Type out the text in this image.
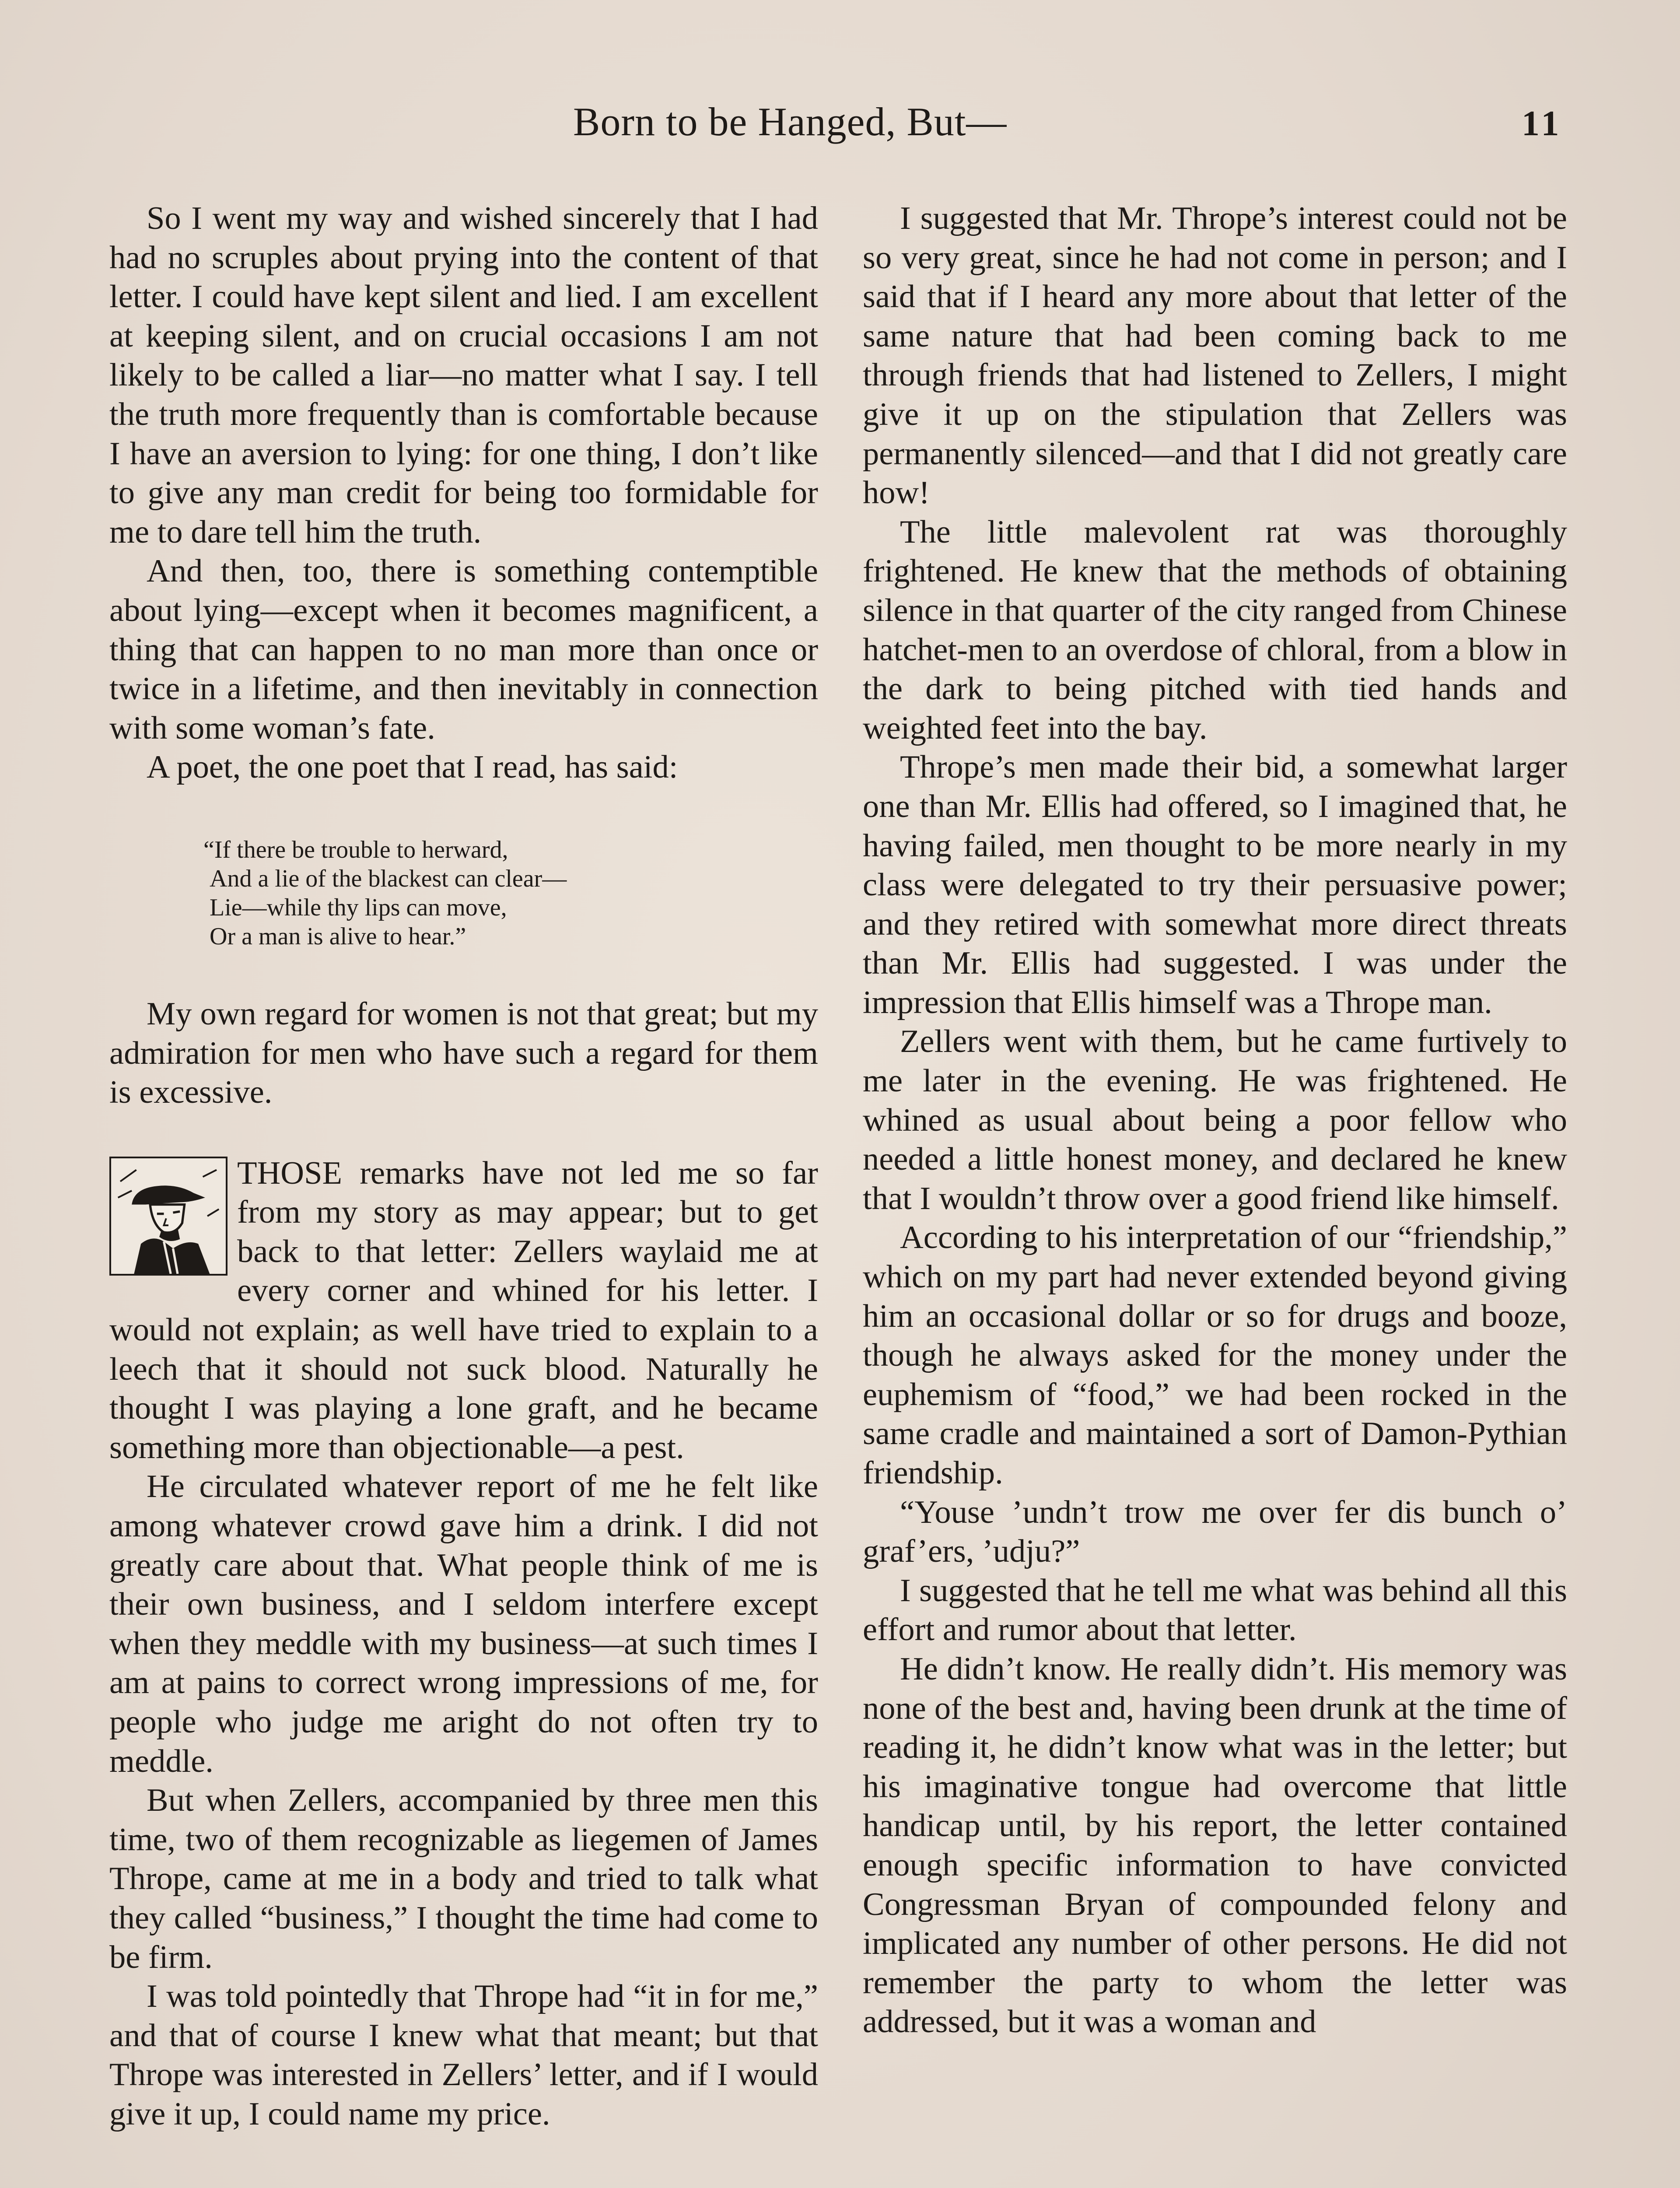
Born to be Hanged, But—	11

So I went my way and wished sincerely that I had had no scruples about prying into the content of that letter. I could have kept silent and lied. I am excellent at keeping silent, and on crucial occasions I am not likely to be called a liar—no matter what I say. I tell the truth more frequently than is comfortable because I have an aversion to lying: for one thing, I don’t like to give any man credit for being too formidable for me to dare tell him the truth.

And then, too, there is something contemptible about lying—except when it becomes magnificent, a thing that can happen to no man more than once or twice in a lifetime, and then inevitably in connection with some woman’s fate.

A poet, the one poet that I read, has said:

“If there be trouble to herward,
And a lie of the blackest can clear—
Lie—while thy lips can move,
Or a man is alive to hear.”

My own regard for women is not that great; but my admiration for men who have such a regard for them is excessive.

THOSE remarks have not led me so far from my story as may appear; but to get back to that letter: Zellers waylaid me at every corner and whined for his letter. I would not explain; as well have tried to explain to a leech that it should not suck blood. Naturally he thought I was playing a lone graft, and he became something more than objectionable—a pest.

He circulated whatever report of me he felt like among whatever crowd gave him a drink. I did not greatly care about that. What people think of me is their own business, and I seldom interfere except when they meddle with my business—at such times I am at pains to correct wrong impressions of me, for people who judge me aright do not often try to meddle.

But when Zellers, accompanied by three men this time, two of them recognizable as liegemen of James Thrope, came at me in a body and tried to talk what they called “business,” I thought the time had come to be firm.

I was told pointedly that Thrope had “it in for me,” and that of course I knew what that meant; but that Thrope was interested in Zellers’ letter, and if I would give it up, I could name my price.

I suggested that Mr. Thrope’s interest could not be so very great, since he had not come in person; and I said that if I heard any more about that letter of the same nature that had been coming back to me through friends that had listened to Zellers, I might give it up on the stipulation that Zellers was permanently silenced—and that I did not greatly care how!

The little malevolent rat was thoroughly frightened. He knew that the methods of obtaining silence in that quarter of the city ranged from Chinese hatchet-men to an overdose of chloral, from a blow in the dark to being pitched with tied hands and weighted feet into the bay.

Thrope’s men made their bid, a somewhat larger one than Mr. Ellis had offered, so I imagined that, he having failed, men thought to be more nearly in my class were delegated to try their persuasive power; and they retired with somewhat more direct threats than Mr. Ellis had suggested. I was under the impression that Ellis himself was a Thrope man.

Zellers went with them, but he came furtively to me later in the evening. He was frightened. He whined as usual about being a poor fellow who needed a little honest money, and declared he knew that I wouldn’t throw over a good friend like himself.

According to his interpretation of our “friendship,” which on my part had never extended beyond giving him an occasional dollar or so for drugs and booze, though he always asked for the money under the euphemism of “food,” we had been rocked in the same cradle and maintained a sort of Damon-Pythian friendship.

“Youse ’undn’t trow me over fer dis bunch o’ graf’ers, ’udju?”

I suggested that he tell me what was behind all this effort and rumor about that letter.

He didn’t know. He really didn’t. His memory was none of the best and, having been drunk at the time of reading it, he didn’t know what was in the letter; but his imaginative tongue had overcome that little handicap until, by his report, the letter contained enough specific information to have convicted Congressman Bryan of compounded felony and implicated any number of other persons. He did not remember the party to whom the letter was addressed, but it was a woman and
